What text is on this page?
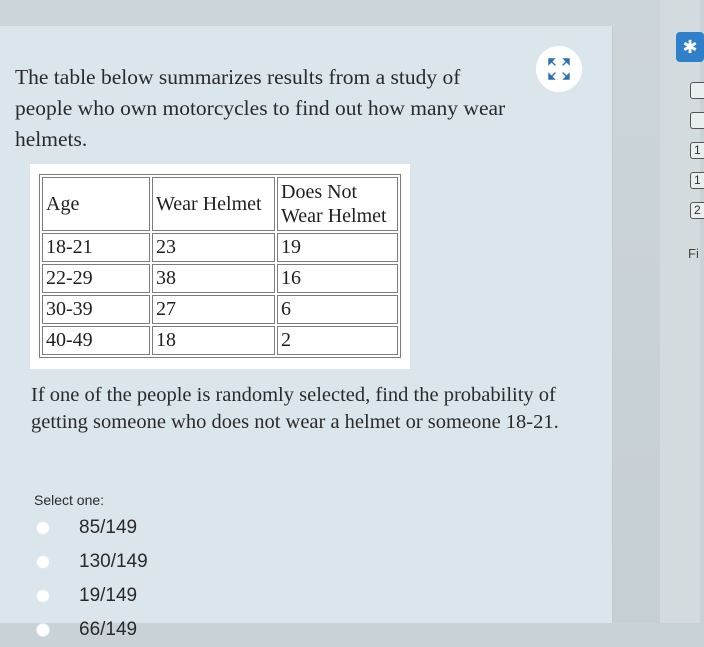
The table below summarizes results from a study of people who own motorcycles to find out how many wear helmets.

Age	Wear Helmet	Does Not
Wear Helmet
18-21	23	19
22-29	38	16
30-39	27	6
40-49	18	2

If one of the people is randomly selected, find the probability of getting someone who does not wear a helmet or someone 18-21.

Select one:
85/149
130/149
19/149
66/149
✱
1
1
2
Fi
